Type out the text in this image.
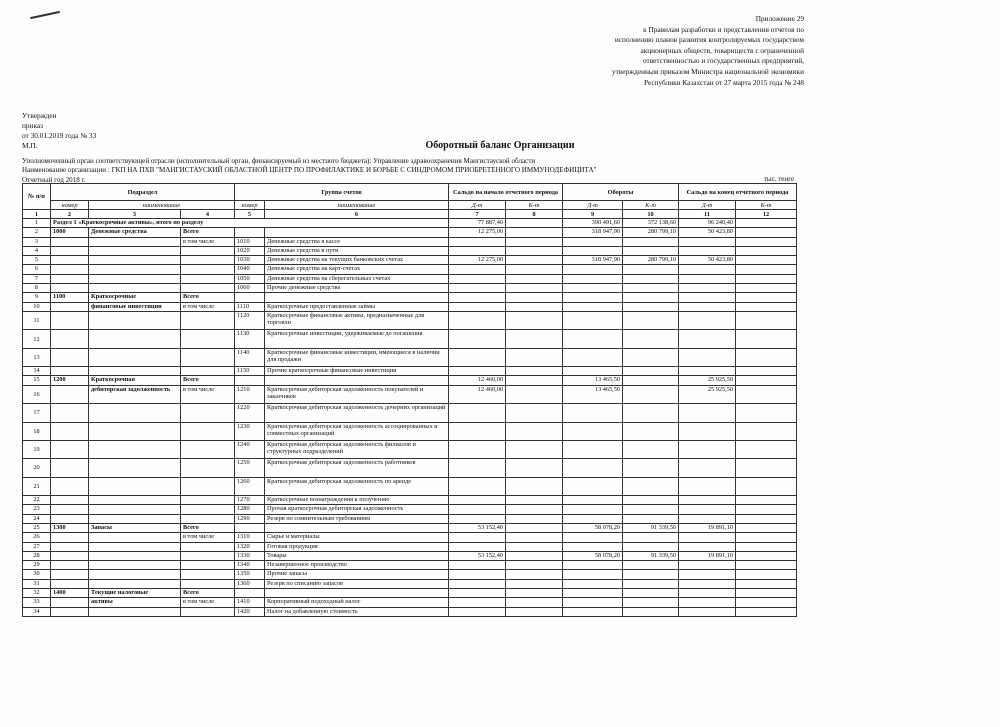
Приложение 29
к Правилам разработки и представления отчетов по
исполнению планов развития контролируемых государством
акционерных обществ, товариществ с ограниченной
ответственностью и государственных предприятий,
утвержденным приказом Министра национальной экономики
Республики Казахстан от 27 марта 2015 года № 248
Утвержден
приказ
от 30.01.2019 года № 33
М.П.	Оборотный баланс Организации
Уполномоченный орган соответствующей отрасли (исполнительный орган, финансируемый из местного бюджета): Управление здравоохранения Мангистауской области
Наименование организации : ГКП НА ПХВ "МАНГИСТАУСКИЙ ОБЛАСТНОЙ ЦЕНТР ПО ПРОФИЛАКТИКЕ И БОРЬБЕ С СИНДРОМОМ ПРИОБРЕТЕННОГО ИММУНОДЕФИЦИТА"
Отчетный год 2018 г.	тыс. тенге
№ п/п	Подраздел			Группа счетов		Сальдо на начало отчетного периода		Обороты		Сальдо на конец отчетного периода	
	номер	наименование		номер	наименование	Д-т	К-т	Д-т	К-т	Д-т	К-т
1	2	3	4	5	6	7	8	9	10	11	12
1	Раздел 1 «Краткосрочные активы», итого по разделу					77 887,40		390 491,60	372 138,60	96 240,40	
2	1000	Денежные средства	Всего			12 275,00		318 947,90	280 799,10	50 423,80	
3			в том числе	1010	Денежные средства в кассе						
4				1020	Денежные средства в пути						
5				1030	Денежные средства на текущих банковских счетах	12 275,00		318 947,90	280 799,10	50 423,80	
6				1040	Денежные средства на карт-счетах						
7				1050	Денежные средства на сберегательных счетах						
8				1060	Прочие денежные средства						
9	1100	Краткосрочные	Всего								
10		финансовые инвестиции	в том числе	1110	Краткосрочные предоставленные займы						
11				1120	Краткосрочные финансовые активы, предназначенные для торговли						
12				1130	Краткосрочные инвестиции, удерживаемые до погашения						
13				1140	Краткосрочные финансовые инвестиции, имеющиеся в наличии для продажи						
14				1150	Прочие краткосрочные финансовые инвестиции						
15	1200	Краткосрочная	Всего			12 460,00		13 465,50		25 925,50	
16		дебиторская задолженность	в том числе	1210	Краткосрочная дебиторская задолженность покупателей и заказчиков	12 460,00		13 465,50		25 925,50	
17				1220	Краткосрочная дебиторская задолженность дочерних организаций						
18				1230	Краткосрочная дебиторская задолженность ассоциированных и совместных организаций						
19				1240	Краткосрочная дебиторская задолженность филиалов и структурных подразделений						
20				1250	Краткосрочная дебиторская задолженность работников						
21				1260	Краткосрочная дебиторская задолженность по аренде						
22				1270	Краткосрочные вознаграждения к получению						
23				1280	Прочая краткосрочная дебиторская задолженность						
24				1290	Резерв по сомнительным требованиям						
25	1300	Запасы	Всего			53 152,40		58 078,20	91 339,50	19 891,10	
26			в том числе	1310	Сырье и материалы						
27				1320	Готовая продукция						
28				1330	Товары	53 152,40		58 078,20	91 339,50	19 891,10	
29				1340	Незавершенное производство						
30				1350	Прочие запасы						
31				1360	Резерв по списанию запасов						
32	1400	Текущие налоговые	Всего								
33		активы	в том числе	1410	Корпоративный подоходный налог						
34				1420	Налог на добавленную стоимость						
